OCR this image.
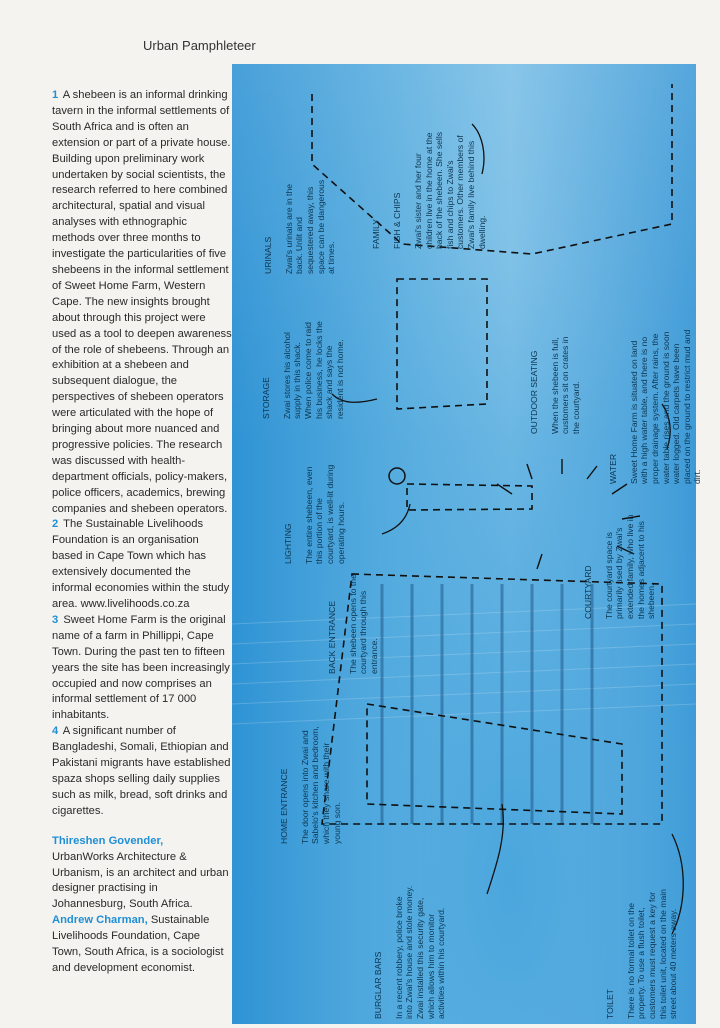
Urban Pamphleteer

1 A shebeen is an informal drinking tavern in the informal settlements of South Africa and is often an extension or part of a private house. Building upon preliminary work undertaken by social scientists, the research referred to here combined architectural, spatial and visual analyses with ethnographic methods over three months to investigate the particularities of five shebeens in the informal settlement of Sweet Home Farm, Western Cape. The new insights brought about through this project were used as a tool to deepen awareness of the role of shebeens. Through an exhibition at a shebeen and subsequent dialogue, the perspectives of shebeen operators were articulated with the hope of bringing about more nuanced and progressive policies. The research was discussed with health-department officials, policy-makers, police officers, academics, brewing companies and shebeen operators.

2 The Sustainable Livelihoods Foundation is an organisation based in Cape Town which has extensively documented the informal economies within the study area. www.livelihoods.co.za

3 Sweet Home Farm is the original name of a farm in Phillippi, Cape Town. During the past ten to fifteen years the site has been increasingly occupied and now comprises an informal settlement of 17 000 inhabitants.

4 A significant number of Bangladeshi, Somali, Ethiopian and Pakistani migrants have established spaza shops selling daily supplies such as milk, bread, soft drinks and cigarettes.

Thireshen Govender,
UrbanWorks Architecture & Urbanism, is an architect and urban designer practising in Johannesburg, South Africa.

Andrew Charman, Sustainable Livelihoods Foundation, Cape Town, South Africa, is a sociologist and development economist.

FAMILY FISH & CHIPS Zwai's sister and her four children live in the home at the back of the shebeen. She sells fish and chips to Zwai's customers. Other members of Zwai's family live behind this dwelling.

URINALS Zwai's urinals are in the back. Unlit and sequestered away, this space can be dangerous at times.

STORAGE Zwai stores his alcohol supply in this shack. When police come to raid his business, he locks the shack and says the resident is not home.

LIGHTING The entire shebeen, even this portion of the courtyard, is well-lit during operating hours.

OUTDOOR SEATING When the shebeen is full, customers sit on crates in the courtyard.

WATER Sweet Home Farm is situated on land with a high water table, and there is no proper drainage system. After rains, the water table rises and the ground is soon water logged. Old carpets have been placed on the ground to restrict mud and dirt.

BACK ENTRANCE The shebeen opens to the courtyard through this entrance.

COURTYARD The courtyard space is primarily used by Zwai's extended family, who live in the homes adjacent to his shebeen.

HOME ENTRANCE The door opens into Zwai and Sabelo's kitchen and bedroom, which they share with their young son.

BURGLAR BARS In a recent robbery, police broke into Zwai's house and stole money. Zwai installed this security gate, which allows him to monitor activities within his courtyard.	TOILET There is no formal toilet on the property. To use a flush toilet, customers must request a key for this toilet unit, located on the main street about 40 meters away.
